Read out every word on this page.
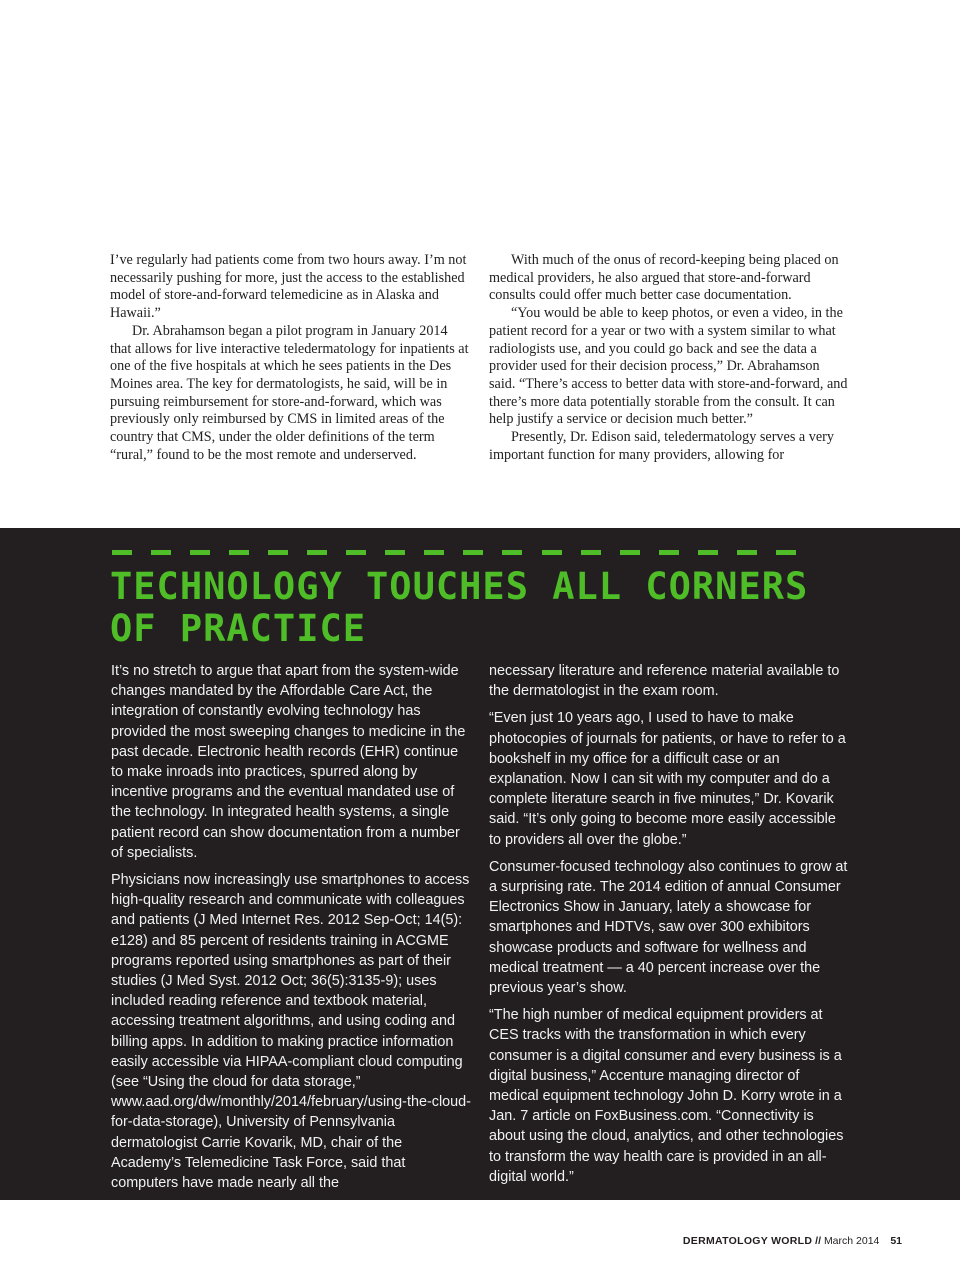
I’ve regularly had patients come from two hours away. I’m not necessarily pushing for more, just the access to the established model of store-and-forward telemedicine as in Alaska and Hawaii.”

Dr. Abrahamson began a pilot program in January 2014 that allows for live interactive teledermatology for inpatients at one of the five hospitals at which he sees patients in the Des Moines area. The key for dermatologists, he said, will be in pursuing reimbursement for store-and-forward, which was previously only reimbursed by CMS in limited areas of the country that CMS, under the older definitions of the term “rural,” found to be the most remote and underserved.

With much of the onus of record-keeping being placed on medical providers, he also argued that store-and-forward consults could offer much better case documentation.

“You would be able to keep photos, or even a video, in the patient record for a year or two with a system similar to what radiologists use, and you could go back and see the data a provider used for their decision process,” Dr. Abrahamson said. “There’s access to better data with store-and-forward, and there’s more data potentially storable from the consult. It can help justify a service or decision much better.”

Presently, Dr. Edison said, teledermatology serves a very important function for many providers, allowing for

TECHNOLOGY TOUCHES ALL CORNERS
OF PRACTICE

It’s no stretch to argue that apart from the system-wide changes mandated by the Affordable Care Act, the integration of constantly evolving technology has provided the most sweeping changes to medicine in the past decade. Electronic health records (EHR) continue to make inroads into practices, spurred along by incentive programs and the eventual mandated use of the technology. In integrated health systems, a single patient record can show documentation from a number of specialists.

Physicians now increasingly use smartphones to access high-quality research and communicate with colleagues and patients (J Med Internet Res. 2012 Sep-Oct; 14(5): e128) and 85 percent of residents training in ACGME programs reported using smartphones as part of their studies (J Med Syst. 2012 Oct; 36(5):3135-9); uses included reading reference and textbook material, accessing treatment algorithms, and using coding and billing apps. In addition to making practice information easily accessible via HIPAA-compliant cloud computing (see “Using the cloud for data storage,” www.aad.org/dw/monthly/2014/february/using-the-cloud-for-data-storage), University of Pennsylvania dermatologist Carrie Kovarik, MD, chair of the Academy’s Telemedicine Task Force, said that computers have made nearly all the

necessary literature and reference material available to the dermatologist in the exam room.

“Even just 10 years ago, I used to have to make photocopies of journals for patients, or have to refer to a bookshelf in my office for a difficult case or an explanation. Now I can sit with my computer and do a complete literature search in five minutes,” Dr. Kovarik said. “It’s only going to become more easily accessible to providers all over the globe.”

Consumer-focused technology also continues to grow at a surprising rate. The 2014 edition of annual Consumer Electronics Show in January, lately a showcase for smartphones and HDTVs, saw over 300 exhibitors showcase products and software for wellness and medical treatment — a 40 percent increase over the previous year’s show.

“The high number of medical equipment providers at CES tracks with the transformation in which every consumer is a digital consumer and every business is a digital business,” Accenture managing director of medical equipment technology John D. Korry wrote in a Jan. 7 article on FoxBusiness.com. “Connectivity is about using the cloud, analytics, and other technologies to transform the way health care is provided in an all-digital world.”

DERMATOLOGY WORLD // March 2014 51
